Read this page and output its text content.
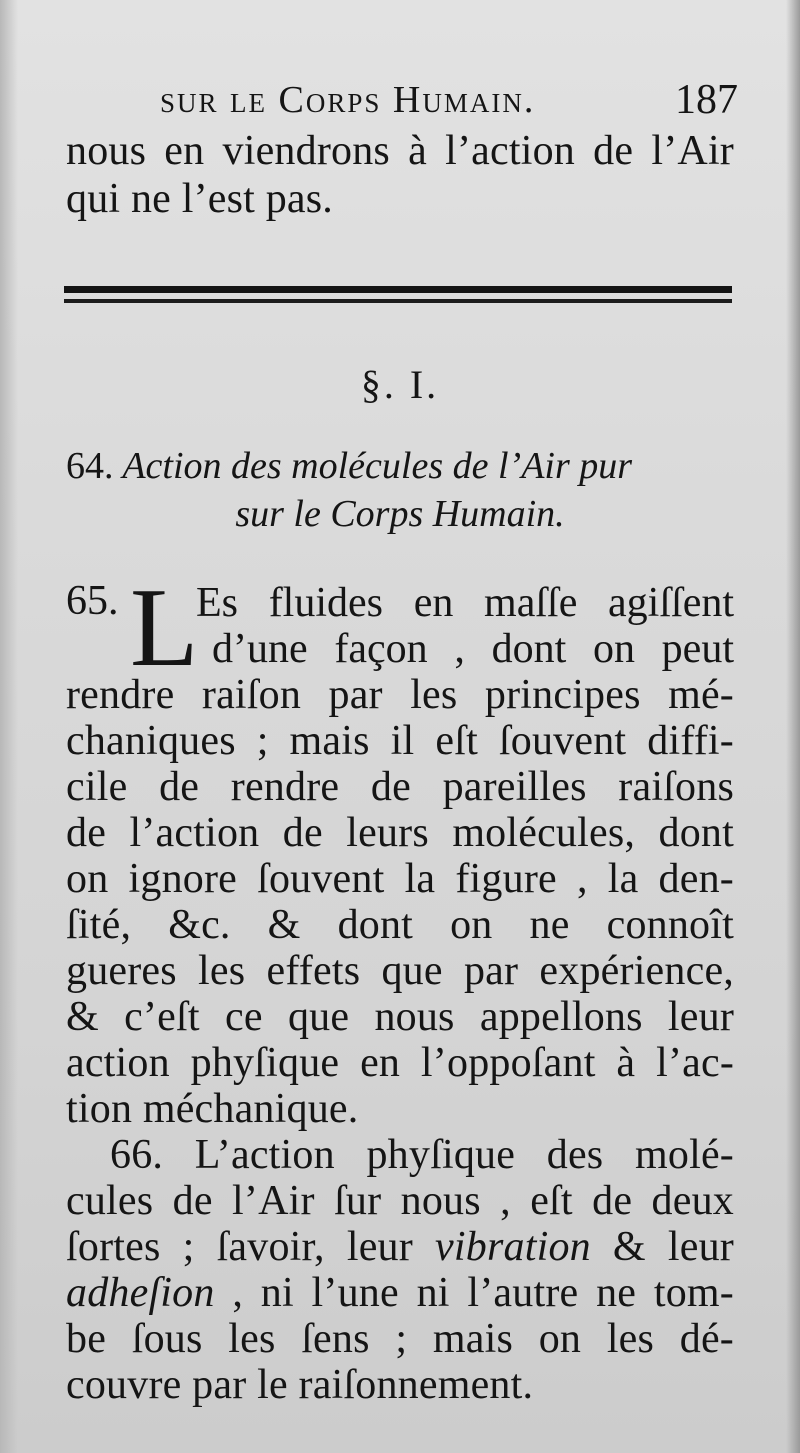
sur le Corps Humain.	187
nous en viendrons à l’action de l’Air
qui ne l’est pas.
§. I.
64. Action des molécules de l’Air pur
sur le Corps Humain.
65. L
Es fluides en maſſe agiſſent
d’une façon , dont on peut
rendre raiſon par les principes mé-
chaniques ; mais il eſt ſouvent diffi-
cile de rendre de pareilles raiſons
de l’action de leurs molécules, dont
on ignore ſouvent la figure , la den-
ſité, &c. & dont on ne connoît
gueres les effets que par expérience,
& c’eſt ce que nous appellons leur
action phyſique en l’oppoſant à l’ac-
tion méchanique.
66. L’action phyſique des molé-
cules de l’Air ſur nous , eſt de deux
ſortes ; ſavoir, leur vibration & leur
adheſion , ni l’une ni l’autre ne tom-
be ſous les ſens ; mais on les dé-
couvre par le raiſonnement.
